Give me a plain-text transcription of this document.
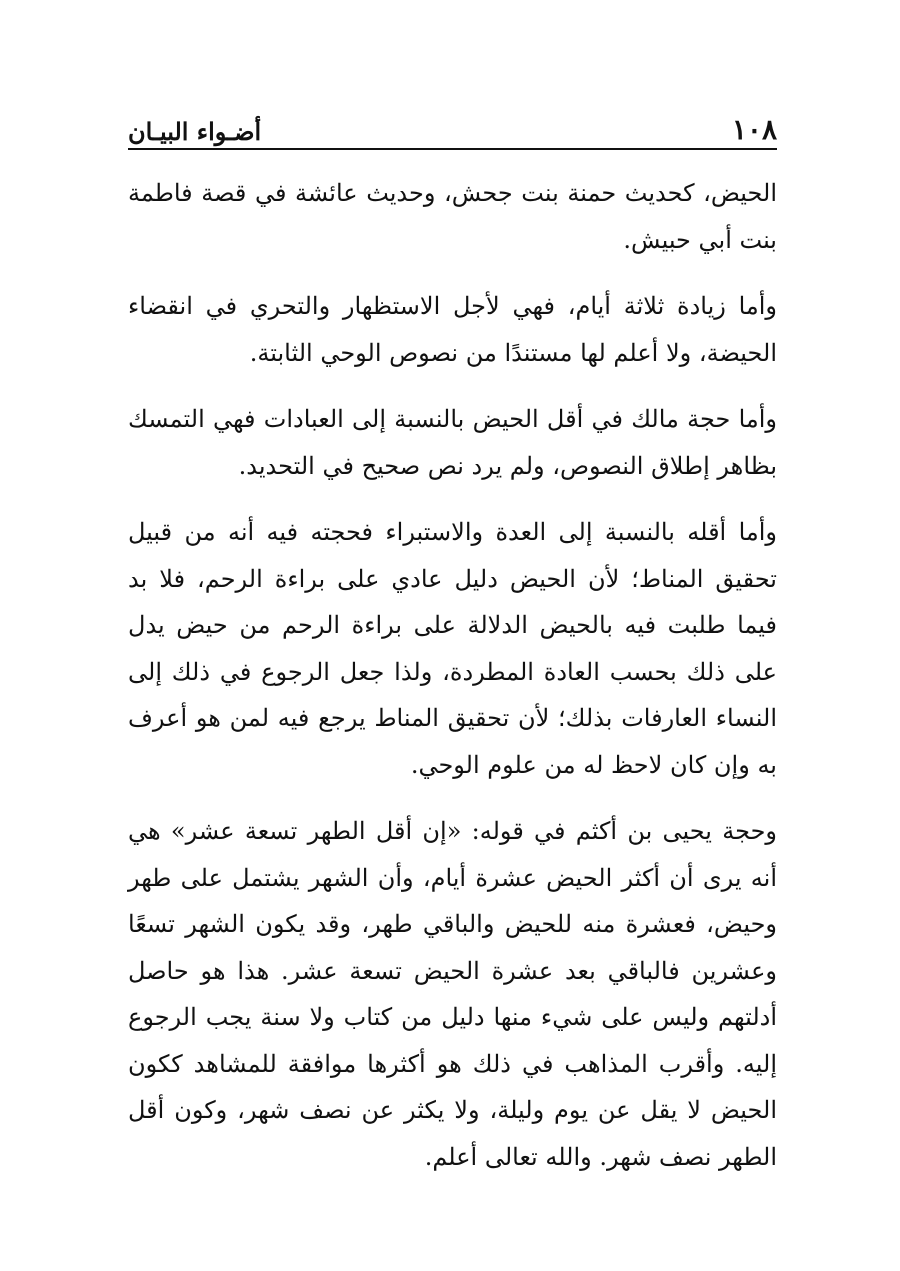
١٠٨
أضـواء البيـان

الحيض، كحديث حمنة بنت جحش، وحديث عائشة في قصة فاطمة بنت أبي حبيش.

وأما زيادة ثلاثة أيام، فهي لأجل الاستظهار والتحري في انقضاء الحيضة، ولا أعلم لها مستندًا من نصوص الوحي الثابتة.

وأما حجة مالك في أقل الحيض بالنسبة إلى العبادات فهي التمسك بظاهر إطلاق النصوص، ولم يرد نص صحيح في التحديد.

وأما أقله بالنسبة إلى العدة والاستبراء فحجته فيه أنه من قبيل تحقيق المناط؛ لأن الحيض دليل عادي على براءة الرحم، فلا بد فيما طلبت فيه بالحيض الدلالة على براءة الرحم من حيض يدل على ذلك بحسب العادة المطردة، ولذا جعل الرجوع في ذلك إلى النساء العارفات بذلك؛ لأن تحقيق المناط يرجع فيه لمن هو أعرف به وإن كان لاحظ له من علوم الوحي.

وحجة يحيى بن أكثم في قوله: «إن أقل الطهر تسعة عشر» هي أنه يرى أن أكثر الحيض عشرة أيام، وأن الشهر يشتمل على طهر وحيض، فعشرة منه للحيض والباقي طهر، وقد يكون الشهر تسعًا وعشرين فالباقي بعد عشرة الحيض تسعة عشر. هذا هو حاصل أدلتهم وليس على شيء منها دليل من كتاب ولا سنة يجب الرجوع إليه. وأقرب المذاهب في ذلك هو أكثرها موافقة للمشاهد ككون الحيض لا يقل عن يوم وليلة، ولا يكثر عن نصف شهر، وكون أقل الطهر نصف شهر. والله تعالى أعلم.
